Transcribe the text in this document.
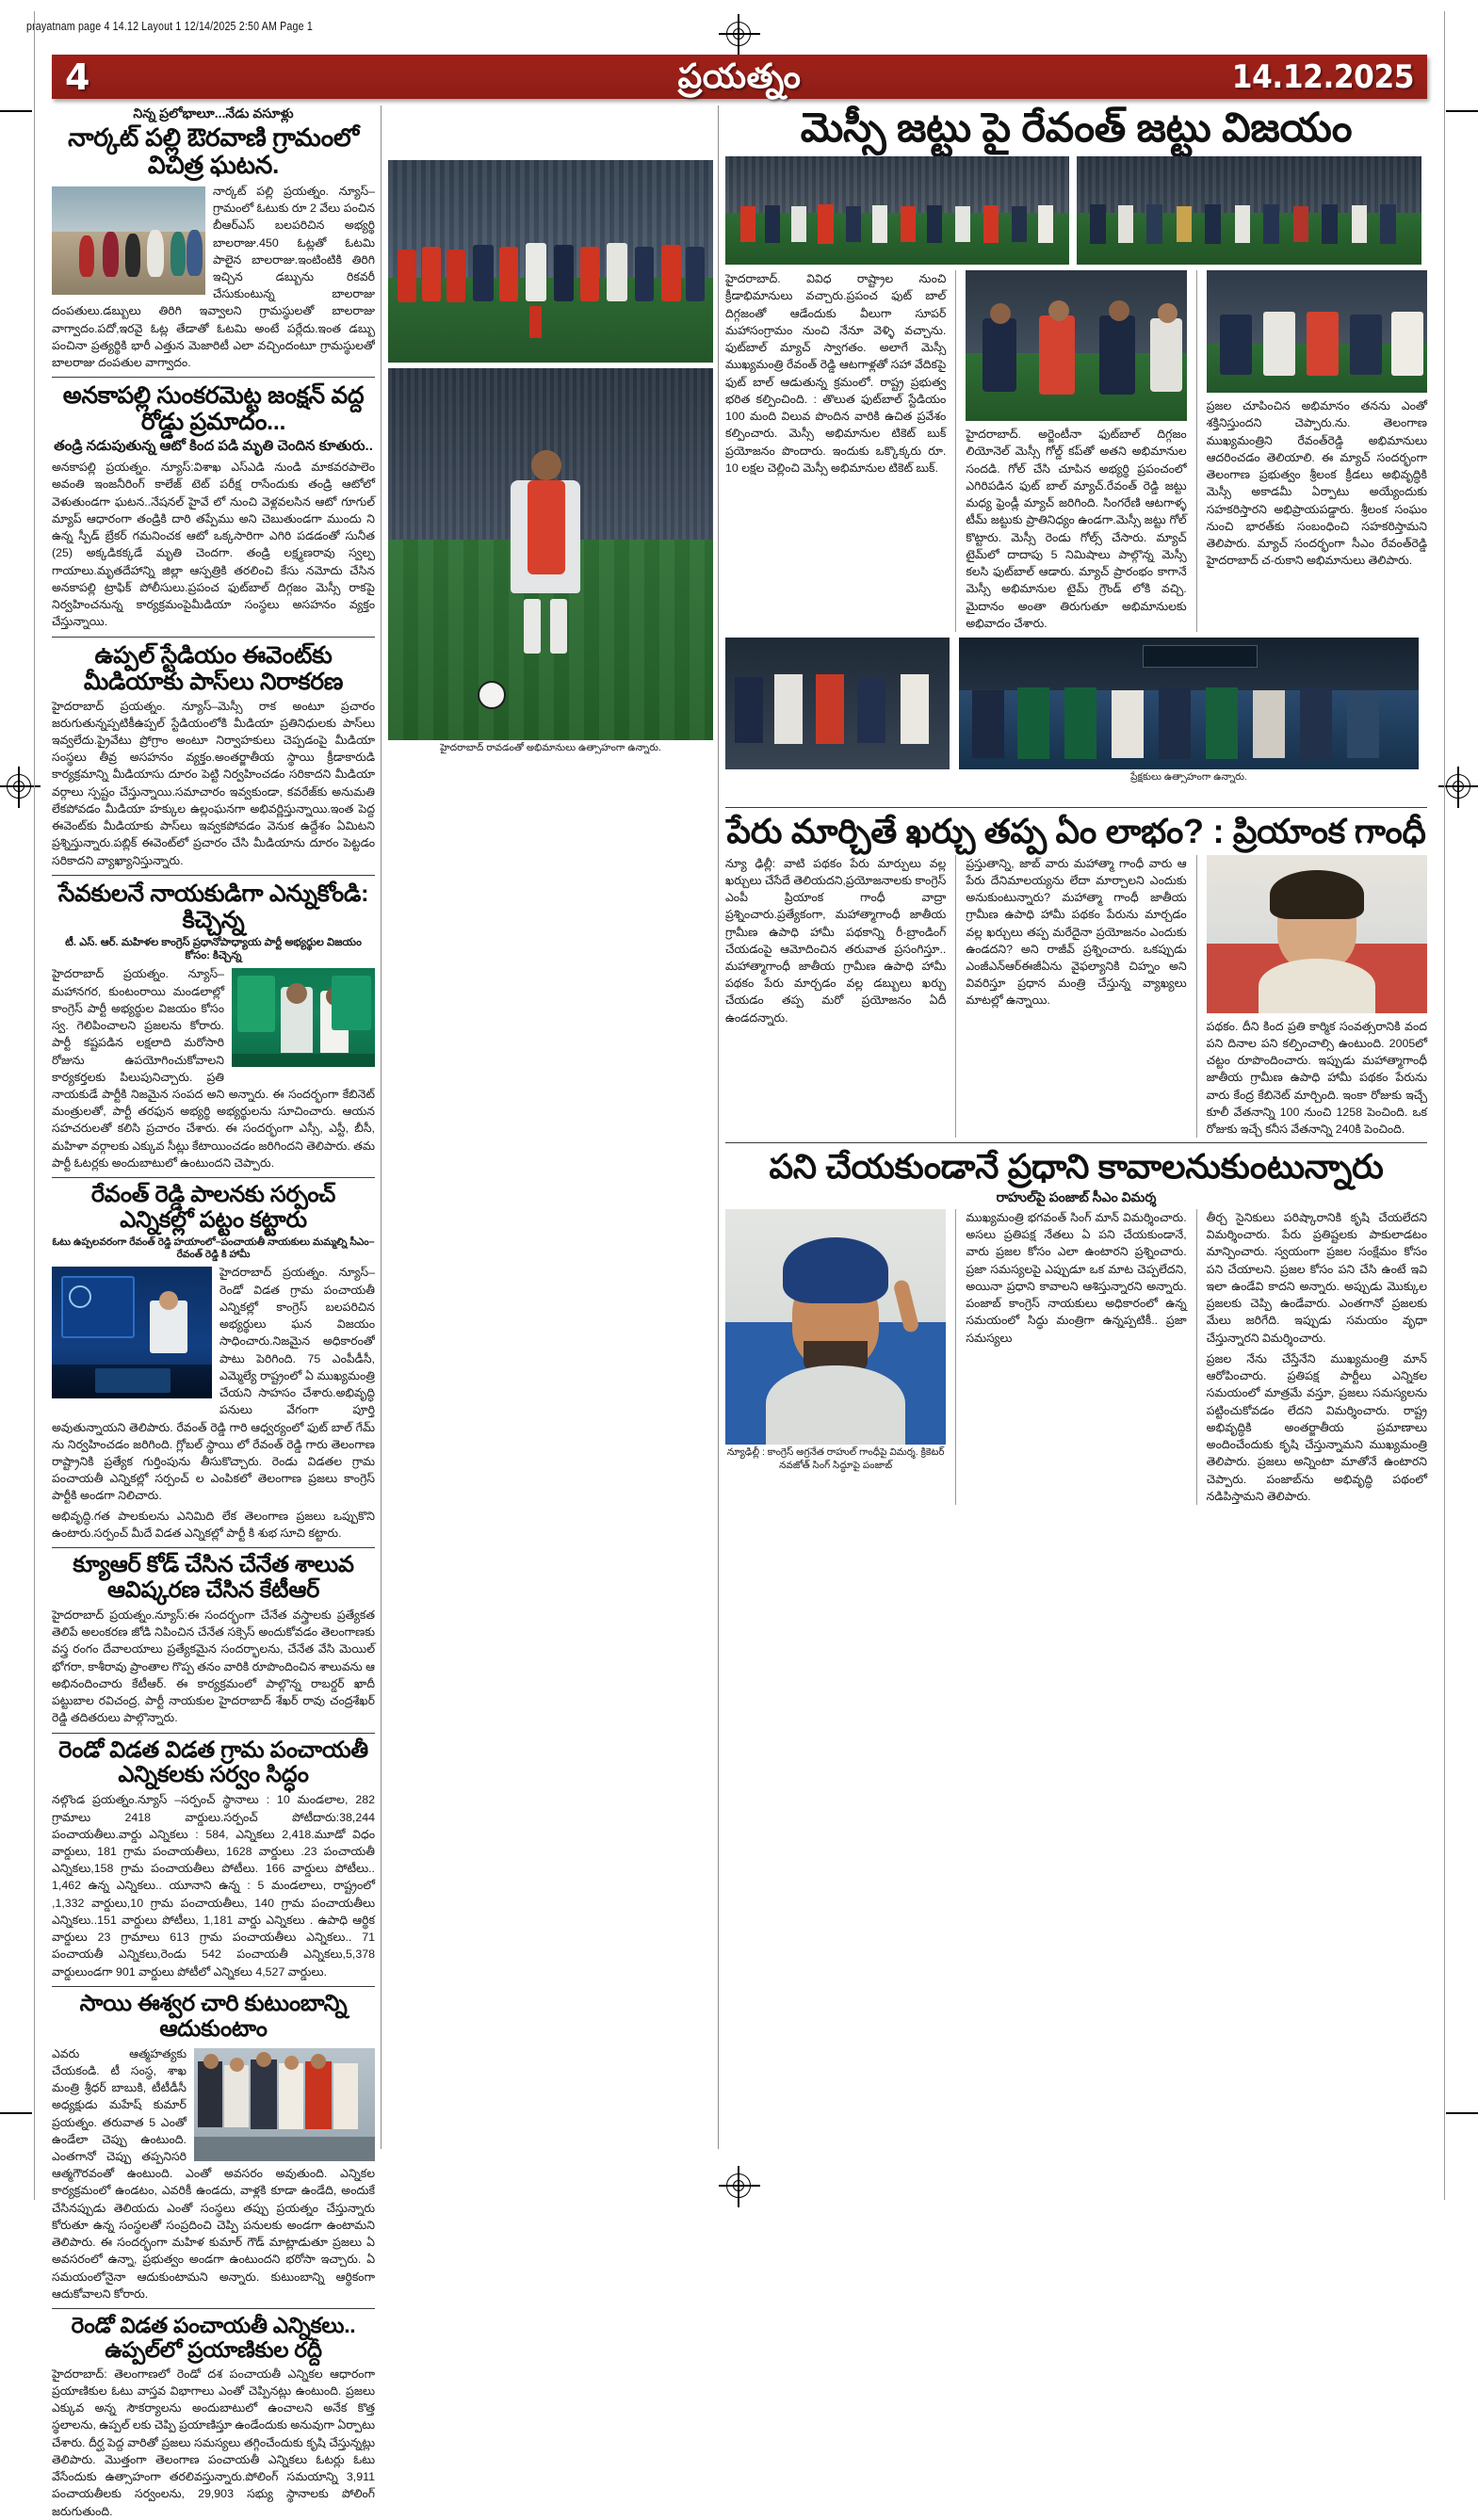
prayatnam page 4 14.12 Layout 1 12/14/2025 2:50 AM Page 1
4	ప్రయత్నం	14.12.2025
నిన్న ప్రలోభాలూ...నేడు వసూళ్లు
నార్కట్ పల్లి ఔరవాణి గ్రామంలో విచిత్ర ఘటన.
నార్కట్ పల్లి ప్రయత్నం. న్యూస్–గ్రామంలో ఓటుకు రూ 2 వేలు పంచిన బీఆర్ఎస్ బలపరిచిన అభ్యర్థి బాలరాజు.450 ఓట్లతో ఓటమి పాలైన బాలరాజు.ఇంటింటికి తిరిగి ఇచ్చిన డబ్బును రికవరీ చేసుకుంటున్న బాలరాజు దంపతులు.డబ్బులు తిరిగి ఇవ్వాలని గ్రామస్థులతో బాలరాజు వాగ్వాదం.పదో,ఇరవై ఓట్ల తేడాతో ఓటమి అంటే పర్లేదు.ఇంత డబ్బు పంచినా ప్రత్యర్థికి భారీ ఎత్తున మెజారిటీ ఎలా వచ్చిందంటూ గ్రామస్థులతో బాలరాజు దంపతుల వాగ్వాదం.
అనకాపల్లి సుంకరమెట్ట జంక్షన్ వద్ద రోడ్డు ప్రమాదం...
తండ్రి నడుపుతున్న ఆటో కింద పడి మృతి చెందిన కూతురు..
అనకాపల్లి ప్రయత్నం. న్యూస్:విశాఖ ఎస్ఎడి నుండి మాకవరపాలెం అవంతి ఇంజనీరింగ్ కాలేజ్ టెట్ పరీక్ష రాసేందుకు తండ్రి ఆటోలో వెళుతుండగా ఘటన..నేషనల్ హైవే లో నుంచి వెళ్లవలసిన ఆటో గూగుల్ మ్యాప్ ఆధారంగా తండ్రికి దారి తప్పేము అని చెబుతుండగా ముందు ని ఉన్న స్పీడ్ బ్రేకర్ గమనించక ఆటో ఒక్కసారిగా ఎగిరి పడడంతో సునీత (25) అక్కడికక్కడే మృతి చెందగా. తండ్రి లక్ష్మణరావు స్వల్ప గాయాలు.మృతదేహాన్ని జిల్లా ఆస్పత్రికి తరలించి కేసు నమోదు చేసిన అనకాపల్లి ట్రాఫిక్ పోలీసులు.ప్రపంచ ఫుట్‌బాల్ దిగ్గజం మెస్సీ రాకపై నిర్వహించనున్న కార్యక్రమంపైమీడియా సంస్థలు అసహనం వ్యక్తం చేస్తున్నాయి.
ఉప్పల్ స్టేడియం ఈవెంట్‌కు మీడియాకు పాస్‌లు నిరాకరణ
హైదరాబాద్ ప్రయత్నం. న్యూస్–మెస్సీ రాక అంటూ ప్రచారం జరుగుతున్నప్పటికీఉప్పల్ స్టేడియంలోకి మీడియా ప్రతినిధులకు పాస్‌లు ఇవ్వలేదు.ప్రైవేటు ప్రోగ్రాం అంటూ నిర్వాహకులు చెప్పడంపై మీడియా సంస్థలు తీవ్ర అసహనం వ్యక్తం.అంతర్జాతీయ స్థాయి క్రీడాకారుడి కార్యక్రమాన్ని మీడియాసు దూరం పెట్టి నిర్వహించడం సరికాదని మీడియా వర్గాలు స్పష్టం చేస్తున్నాయి.సమాచారం ఇవ్వకుండా, కవరేజ్‌కు అనుమతి లేకపోవడం మీడియా హక్కుల ఉల్లంఘనగా అభివర్ణిస్తున్నాయి.ఇంత పెద్ద ఈవెంట్‌కు మీడియాకు పాస్‌లు ఇవ్వకపోవడం వెనుక ఉద్దేశం ఏమిటని ప్రశ్నిస్తున్నారు.పబ్లిక్ ఈవెంట్‌లో ప్రచారం చేసి మీడియాను దూరం పెట్టడం సరికాదని వ్యాఖ్యానిస్తున్నారు.
సేవకులనే నాయకుడిగా ఎన్నుకోండి: కిచ్చెన్న
టీ. ఎస్. ఆర్. మహిళల కాంగ్రెస్ ప్రధానోపాధ్యాయ పార్టీ అభ్యర్థుల విజయం కోసం: కిచ్చెన్న
హైదరాబాద్ ప్రయత్నం. న్యూస్–మహానగర, కుంటంరాయి మండలాల్లో కాంగ్రెస్ పార్టీ అభ్యర్థుల విజయం కోసం స్వ. గెలిపించాలని ప్రజలను కోరారు. పార్టీ కష్టపడిన లక్షలాది మరోసారి రోజును ఉపయోగించుకోవాలని కార్యకర్తలకు పిలుపునిచ్చారు. ప్రతి నాయకుడే పార్టీకి నిజమైన సంపద అని అన్నారు. ఈ సందర్భంగా కేబినెట్ మంత్రులతో, పార్టీ తరఫున అభ్యర్థి అభ్యర్థులను సూచించారు. ఆయన సహచరులతో కలిసి ప్రచారం చేశారు. ఈ సందర్భంగా ఎస్సీ, ఎస్టీ, బీసీ, మహిళా వర్గాలకు ఎక్కువ సీట్లు కేటాయించడం జరిగిందని తెలిపారు. తమ పార్టీ ఓటర్లకు అందుబాటులో ఉంటుందని చెప్పారు.
రేవంత్ రెడ్డి పాలనకు సర్పంచ్ ఎన్నికల్లో పట్టం కట్టారు
ఓటు ఉప్పలవరంగా రేవంత్ రెడ్డి హయాంలో–పంచాయతీ నాయకులు మమ్మల్ని సీఎం–రేవంత్ రెడ్డి కి హామీ
హైదరాబాద్ ప్రయత్నం. న్యూస్–రెండో విడత గ్రామ పంచాయతీ ఎన్నికల్లో కాంగ్రెస్ బలపరిచిన అభ్యర్థులు ఘన విజయం సాధించారు.నిజమైన అధికారంతో పాటు పెరిగింది. 75 ఎంపీడీసీ, ఎమ్మెల్యే రాష్ట్రంలో ఏ ముఖ్యమంత్రి చేయని సాహసం చేశారు.అభివృద్ధి పనులు వేగంగా పూర్తి అవుతున్నాయని తెలిపారు. రేవంత్ రెడ్డి గారి ఆధ్వర్యంలో ఫుట్ బాల్ గేమ్ ను నిర్వహించడం జరిగింది. గ్లోబల్ స్థాయి లో రేవంత్ రెడ్డి గారు తెలంగాణ రాష్ట్రానికి ప్రత్యేక గుర్తింపును తీసుకొచ్చారు. రెండు విడతల గ్రామ పంచాయతీ ఎన్నికల్లో సర్పంచ్ ల ఎంపికలో తెలంగాణ ప్రజలు కాంగ్రెస్ పార్టీకి అండగా నిలిచారు.
అభివృద్ధి.గత పాలకులను ఎనిమిది లేక తెలంగాణ ప్రజలు ఒప్పుకొని ఉంటారు.సర్పంచ్ మీదే విడత ఎన్నికల్లో పార్టీ కి శుభ సూచి కట్టారు.
క్యూఆర్ కోడ్ చేసిన చేనేత శాలువ ఆవిష్కరణ చేసిన కేటీఆర్
హైదరాబాద్ ప్రయత్నం.న్యూస్:ఈ సందర్భంగా చేనేత వస్త్రాలకు ప్రత్యేకత తెలిపే అలంకరణ జోడి నిపించిన చేనేత సక్సెస్ అందుకోవడం తెలంగాణకు వస్త్ర రంగం దేవాలయాలు ప్రత్యేకమైన సందర్భాలను, చేనేత వేసి మెయిల్ భోగరా, కాశీరావు ప్రాంతాల గొప్ప తనం వారికి రూపొందించిన శాలువను ఆ అభినందించారు కేటీఆర్. ఈ కార్యక్రమంలో పాల్గొన్న రాబర్డర్ ఖాదీ పట్టుబాల రవిచంద్ర, పార్టీ నాయకుల హైదరాబాద్ శేఖర్ రావు చంద్రశేఖర్ రెడ్డి తదితరులు పాల్గొన్నారు.
రెండో విడత విడత గ్రామ పంచాయతీ ఎన్నికలకు సర్వం సిద్ధం
నల్గొండ ప్రయత్నం.న్యూస్ –సర్పంచ్ స్థానాలు : 10 మండలాల, 282 గ్రామాలు 2418 వార్డులు.సర్పంచ్ పోటీదారు:38,244 పంచాయతీలు.వార్డు ఎన్నికలు : 584, ఎన్నికలు 2,418.మూడో విధం వార్డులు, 181 గ్రామ పంచాయతీలు, 1628 వార్డులు .23 పంచాయతీ ఎన్నికలు,158 గ్రామ పంచాయతీలు పోటీలు. 166 వార్డులు పోటీలు.. 1,462 ఉన్న ఎన్నికలు.. యూనాని ఉన్న : 5 మండలాలు, రాష్ట్రంలో ,1,332 వార్డులు,10 గ్రామ పంచాయతీలు, 140 గ్రామ పంచాయతీలు ఎన్నికలు..151 వార్డులు పోటీలు, 1,181 వార్డు ఎన్నికలు . ఉపాధి ఆర్థిక వార్డులు 23 గ్రామాలు 613 గ్రామ పంచాయతీలు ఎన్నికలు.. 71 పంచాయతీ ఎన్నికలు,రెండు 542 పంచాయతీ ఎన్నికలు,5,378 వార్డులుండగా 901 వార్డులు పోటీలో ఎన్నికలు 4,527 వార్డులు.
సాయి ఈశ్వర చారి కుటుంబాన్ని ఆదుకుంటాం
ఎవరు ఆత్మహత్యకు చేయకండి. టీ సంస్థ, శాఖ మంత్రి శ్రీధర్ బాబుకి, టీటీడీసీ అధ్యక్షుడు మహేష్ కుమార్ ప్రయత్నం. తరువాత 5 ఎంతో ఉండేలా చెప్పు ఉంటుంది. ఎంతగానో చెప్పు తప్పనిసరి ఆత్మగౌరవంతో ఉంటుంది. ఎంతో అవసరం అవుతుంది. ఎన్నికల కార్యక్రమంలో ఉండటం, ఎవరికీ ఉండదు, వాళ్లకి కూడా ఉండేది, అందుకే చేసినప్పుడు తెలియదు ఎంతో సంస్థలు తప్పు ప్రయత్నం చేస్తున్నారు కోరుతూ ఉన్న సంస్థలతో సంప్రదించి చెప్పి పనులకు అండగా ఉంటామని తెలిపారు. ఈ సందర్భంగా మహిళ కుమార్ గౌడ్ మాట్లాడుతూ ప్రజలు ఏ అవసరంలో ఉన్నా, ప్రభుత్వం అండగా ఉంటుందని భరోసా ఇచ్చారు. ఏ సమయంలోనైనా ఆదుకుంటామని అన్నారు. కుటుంబాన్ని ఆర్థికంగా ఆదుకోవాలని కోరారు.
రెండో విడత పంచాయతీ ఎన్నికలు.. ఉప్పల్‌లో ప్రయాణికుల రద్దీ
హైదరాబాద్: తెలంగాణలో రెండో దశ పంచాయతీ ఎన్నికల ఆధారంగా ప్రయాణికుల ఓటు వాస్తవ విభాగాలు ఎంతో చెప్పినట్లు ఉంటుంది. ప్రజలు ఎక్కువ అన్న సౌకర్యాలను అందుబాటులో ఉంచాలని అనేక కొత్త స్థలాలను, ఉప్పల్ లకు చెప్పి ప్రయాణిస్తూ ఉండేందుకు అనువుగా ఏర్పాటు చేశారు. దీర్ఘ పెద్ద వారితో ప్రజలు సమస్యలు తగ్గించేందుకు కృషి చేస్తున్నట్లు తెలిపారు. మొత్తంగా తెలంగాణ పంచాయతీ ఎన్నికలు ఓటర్లు ఓటు వేసేందుకు ఉత్సాహంగా తరలివస్తున్నారు.పోలింగ్ సమయాన్ని 3,911 పంచాయతీలకు సర్వంలను, 29,903 సభ్యు స్థానాలకు పోలింగ్ జరుగుతుంది.
హైదరాబాద్ రావడంతో అభిమానులు ఉత్సాహంగా ఉన్నారు.
మెస్సీ జట్టు పై రేవంత్ జట్టు విజయం
హైదరాబాద్. వివిధ రాష్ట్రాల నుంచి క్రీడాభిమానులు వచ్చారు.ప్రపంచ ఫుట్ బాల్ దిగ్గజంతో ఆడేందుకు వీలుగా సూపర్ మహాసంగ్రామం నుంచి నేనూ వెళ్ళి వచ్చాను. ఫుట్‌బాల్ మ్యాచ్ స్వాగతం. అలాగే మెస్సీ ముఖ్యమంత్రి రేవంత్ రెడ్డి ఆటగాళ్లతో సహా వేదికపై ఫుట్ బాల్ ఆడుతున్న క్రమంలో. రాష్ట్ర ప్రభుత్వ భరిత కల్పించింది. : తొలుత ఫుట్‌బాల్ స్టేడియం 100 మంది విలువ పొందిన వారికి ఉచిత ప్రవేశం కల్పించారు. మెస్సీ అభిమానుల టికెట్ బుక్ ప్రయోజనం పొందారు. ఇందుకు ఒక్కొక్కరు రూ. 10 లక్షల చెల్లించి మెస్సీ అభిమానుల టికెట్ బుక్.
హైదరాబాద్. అర్జెంటీనా ఫుట్‌బాల్ దిగ్గజం లియోనెల్ మెస్సీ గోల్డ్ కప్‌తో అతని అభిమానుల సందడి. గోల్ చేసి చూపిన అభ్యర్థి ప్రపంచంలో ఎగిరిపడిన ఫుట్ బాల్ మ్యాచ్.రేవంత్ రెడ్డి జట్టు మధ్య ఫ్రెండ్లీ మ్యాచ్ జరిగింది. సింగరేణి ఆటగాళ్ళ టీమ్ జట్టుకు ప్రాతినిధ్యం ఉండగా.మెస్సీ జట్టు గోల్ కొట్టారు. మెస్సీ రెండు గోల్స్ చేసారు. మ్యాచ్ టైమ్‌లో దాదాపు 5 నిమిషాలు పాల్గొన్న మెస్సీ కలసి ఫుట్‌బాల్ ఆడారు. మ్యాచ్ ప్రారంభం కాగానే మెస్సీ అభిమానుల టైమ్ గ్రౌండ్ లోకి వచ్చి. మైదానం అంతా తిరుగుతూ అభిమానులకు అభివాదం చేశారు.
ప్రజల చూపించిన అభిమానం తనను ఎంతో శక్తినిస్తుందని చెప్పారు.ను. తెలంగాణ ముఖ్యమంత్రిని రేవంత్‌రెడ్డి అభిమానులు ఆదరించడం తెలియాలి. ఈ మ్యాచ్ సందర్భంగా తెలంగాణ ప్రభుత్వం శ్రీలంక క్రీడలు అభివృద్ధికి మెస్సీ అకాడమీ ఏర్పాటు అయ్యేందుకు సహకరిస్తారని అభిప్రాయపడ్డారు. శ్రీలంక సంఘం నుంచి భారత్‌కు సంబంధించి సహకరిస్తామని తెలిపారు. మ్యాచ్ సందర్భంగా సీఎం రేవంత్‌రెడ్డి హైదరాబాద్ చ‌-రుకాని అభిమానులు తెలిపారు.
ప్రేక్షకులు ఉత్సాహంగా ఉన్నారు.

పేరు మార్చితే ఖర్చు తప్ప ఏం లాభం? : ప్రియాంక గాంధీ
న్యూ ఢిల్లీ: వాటి పథకం పేరు మార్పులు వల్ల ఖర్చులు చేసేదే తెలియదని,ప్రయోజనాలకు కాంగ్రెస్ ఎంపీ ప్రియాంక గాంధీ వాద్రా ప్రశ్నించారు.ప్రత్యేకంగా, మహాత్మాగాంధీ జాతీయ గ్రామీణ ఉపాధి హామీ పథకాన్ని రీ-బ్రాండింగ్ చేయడంపై ఆమోదించిన తరువాత ప్రసంగిస్తూ.. మహాత్మాగాంధీ జాతీయ గ్రామీణ ఉపాధి హామీ పథకం పేరు మార్చడం వల్ల డబ్బులు ఖర్చు చేయడం తప్ప మరో ప్రయోజనం ఏదీ ఉండదన్నారు.
ప్రస్తుతాన్ని, జాబ్ వారు మహాత్మా గాంధీ వారు ఆ పేరు దేనిమాలయ్యను లేదా మార్చాలని ఎందుకు అనుకుంటున్నారు? మహాత్మా గాంధీ జాతీయ గ్రామీణ ఉపాధి హామీ పథకం పేరును మార్చడం వల్ల ఖర్చులు తప్ప మరేదైనా ప్రయోజనం ఎందుకు ఉండదని? అని రాజీవ్ ప్రశ్నించారు. ఒకప్పుడు ఎంజీఎన్ఆర్ఈజీఏను వైఫల్యానికి చిహ్నం అని వివరిస్తూ ప్రధాన మంత్రి చేస్తున్న వ్యాఖ్యలు మాటల్లో ఉన్నాయి.
పథకం. దీని కింద ప్రతి కార్మిక సంవత్సరానికి వంద పని దినాల పని కల్పించాల్సి ఉంటుంది. 2005లో చట్టం రూపొందించారు. ఇప్పుడు మహాత్మాగాంధీ జాతీయ గ్రామీణ ఉపాధి హామీ పథకం పేరును వారు కేంద్ర కేబినెట్ మార్చింది. ఇంకా రోజుకు ఇచ్చే కూలీ వేతనాన్ని 100 నుంచి 1258 పెంచింది. ఒక రోజుకు ఇచ్చే కనీస వేతనాన్ని 240కి పెంచింది.
పని చేయకుండానే ప్రధాని కావాలనుకుంటున్నారు
రాహుల్‌పై పంజాబ్ సీఎం విమర్శ
న్యూఢిల్లీ : కాంగ్రెస్ అగ్రనేత రాహుల్ గాంధీపై విమర్శ. క్రికెటర్ నవజోత్ సింగ్ సిద్ధూపై పంజాబ్
ముఖ్యమంత్రి భగవంత్ సింగ్ మాన్ విమర్శించారు. అసలు ప్రతిపక్ష నేతలు ఏ పని చేయకుండానే, వారు ప్రజల కోసం ఎలా ఉంటారని ప్రశ్నించారు. ప్రజా సమస్యలపై ఎప్పుడూ ఒక మాట చెప్పలేదని, అయినా ప్రధాని కావాలని ఆశిస్తున్నారని అన్నారు. పంజాబ్ కాంగ్రెస్ నాయకులు అధికారంలో ఉన్న సమయంలో సిద్ధు మంత్రిగా ఉన్నప్పటికీ.. ప్రజా సమస్యలు
తీర్చ సైనికులు పరిష్కారానికి కృషి చేయలేదని విమర్శించారు. పేరు ప్రతిష్టలకు పాకులాడటం మాన్పించారు. స్వయంగా ప్రజల సంక్షేమం కోసం పని చేయాలని. ప్రజల కోసం పని చేసి ఉంటే ఇవి ఇలా ఉండేవి కాదని అన్నారు. అప్పుడు మెుక్కుల ప్రజలకు చెప్పి ఉండేవారు. ఎంతగానో ప్రజలకు మేలు జరిగేది. ఇప్పుడు సమయం వృధా చేస్తున్నారని విమర్శించారు.
ప్రజల నేను చేస్తేనేని ముఖ్యమంత్రి మాన్ ఆరోపించారు. ప్రతిపక్ష పార్టీలు ఎన్నికల సమయంలో మాత్రమే వస్తూ, ప్రజలు సమస్యలను పట్టించుకోవడం లేదని విమర్శించారు. రాష్ట్ర అభివృద్ధికి అంతర్జాతీయ ప్రమాణాలు అందించేందుకు కృషి చేస్తున్నామని ముఖ్యమంత్రి తెలిపారు. ప్రజలు అన్నింటా మాతోనే ఉంటారని చెప్పారు. పంజాబ్‌ను అభివృద్ధి పథంలో నడిపిస్తామని తెలిపారు.
